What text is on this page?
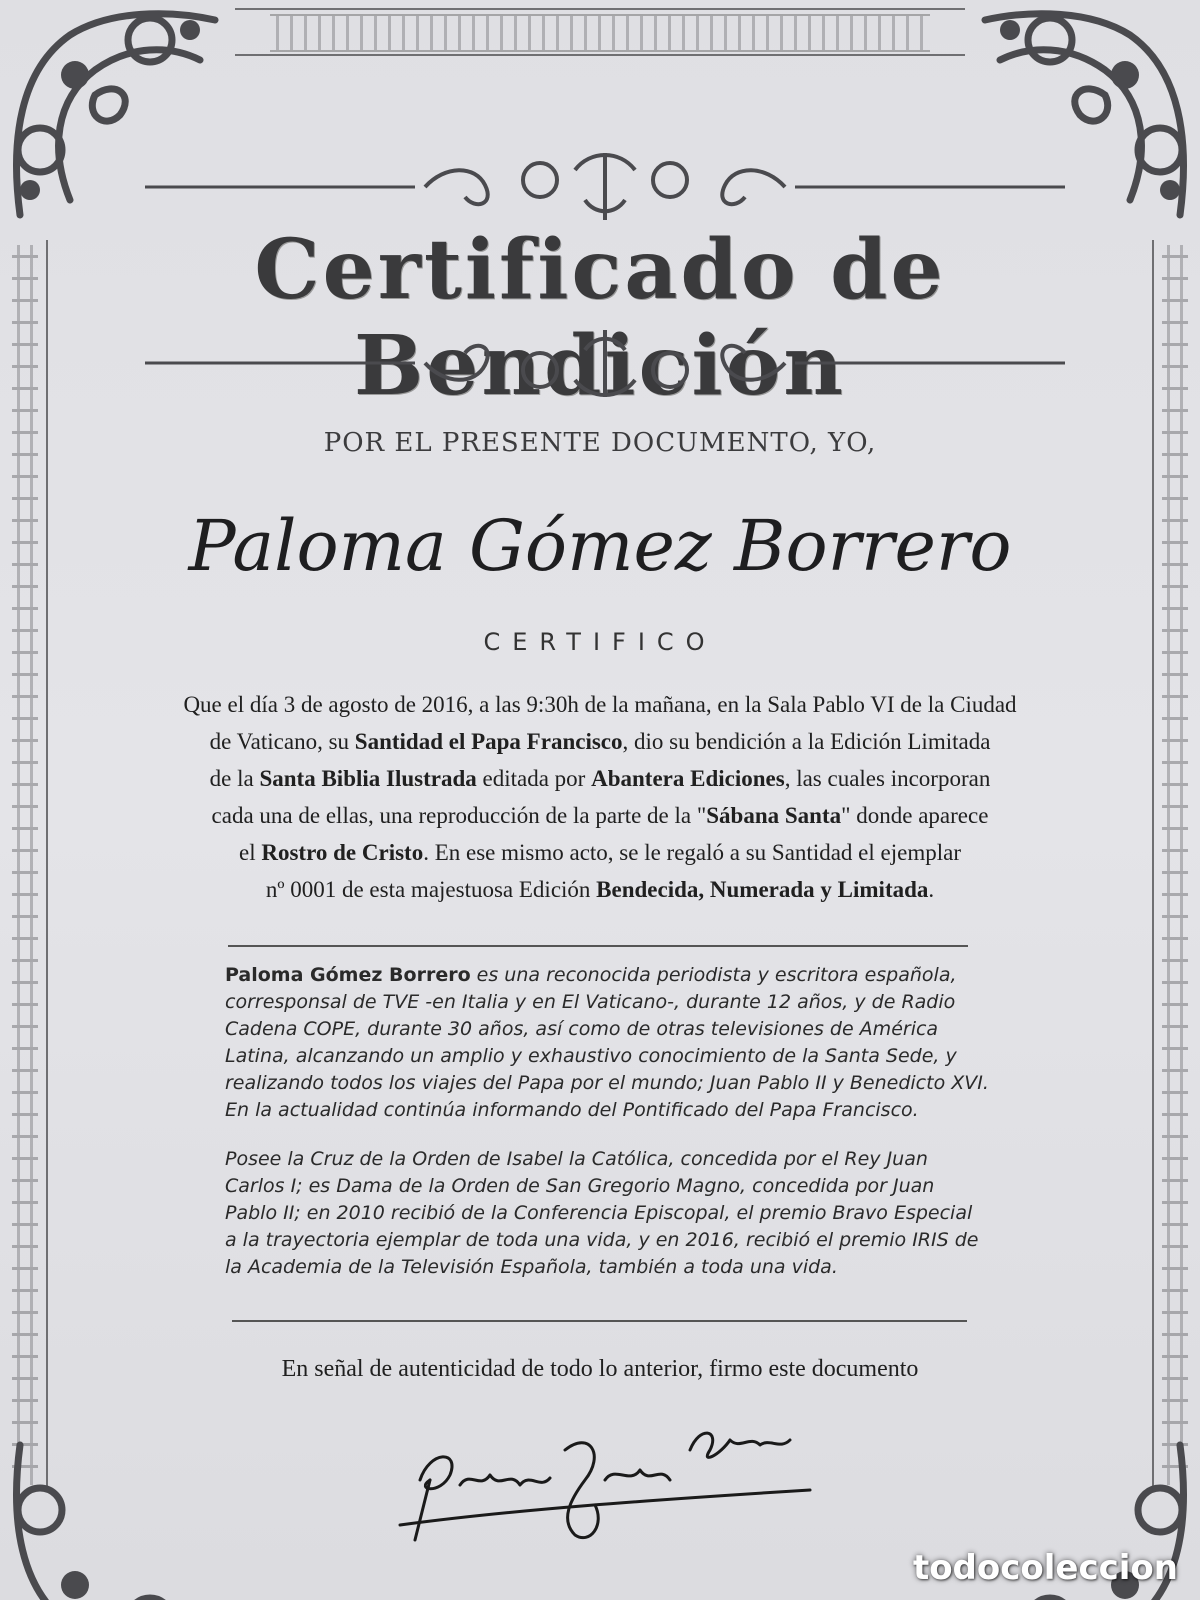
Certificado de Bendición
POR EL PRESENTE DOCUMENTO, YO,
Paloma Gómez Borrero
CERTIFICO
Que el día 3 de agosto de 2016, a las 9:30h de la mañana, en la Sala Pablo VI de la Ciudad
de Vaticano, su Santidad el Papa Francisco, dio su bendición a la Edición Limitada
de la Santa Biblia Ilustrada editada por Abantera Ediciones, las cuales incorporan
cada una de ellas, una reproducción de la parte de la "Sábana Santa" donde aparece
el Rostro de Cristo. En ese mismo acto, se le regaló a su Santidad el ejemplar
nº 0001 de esta majestuosa Edición Bendecida, Numerada y Limitada.
Paloma Gómez Borrero es una reconocida periodista y escritora española,
corresponsal de TVE -en Italia y en El Vaticano-, durante 12 años, y de Radio
Cadena COPE, durante 30 años, así como de otras televisiones de América
Latina, alcanzando un amplio y exhaustivo conocimiento de la Santa Sede, y
realizando todos los viajes del Papa por el mundo; Juan Pablo II y Benedicto XVI.
En la actualidad continúa informando del Pontificado del Papa Francisco.
Posee la Cruz de la Orden de Isabel la Católica, concedida por el Rey Juan
Carlos I; es Dama de la Orden de San Gregorio Magno, concedida por Juan
Pablo II; en 2010 recibió de la Conferencia Episcopal, el premio Bravo Especial
a la trayectoria ejemplar de toda una vida, y en 2016, recibió el premio IRIS de
la Academia de la Televisión Española, también a toda una vida.
En señal de autenticidad de todo lo anterior, firmo este documento
todocoleccion
